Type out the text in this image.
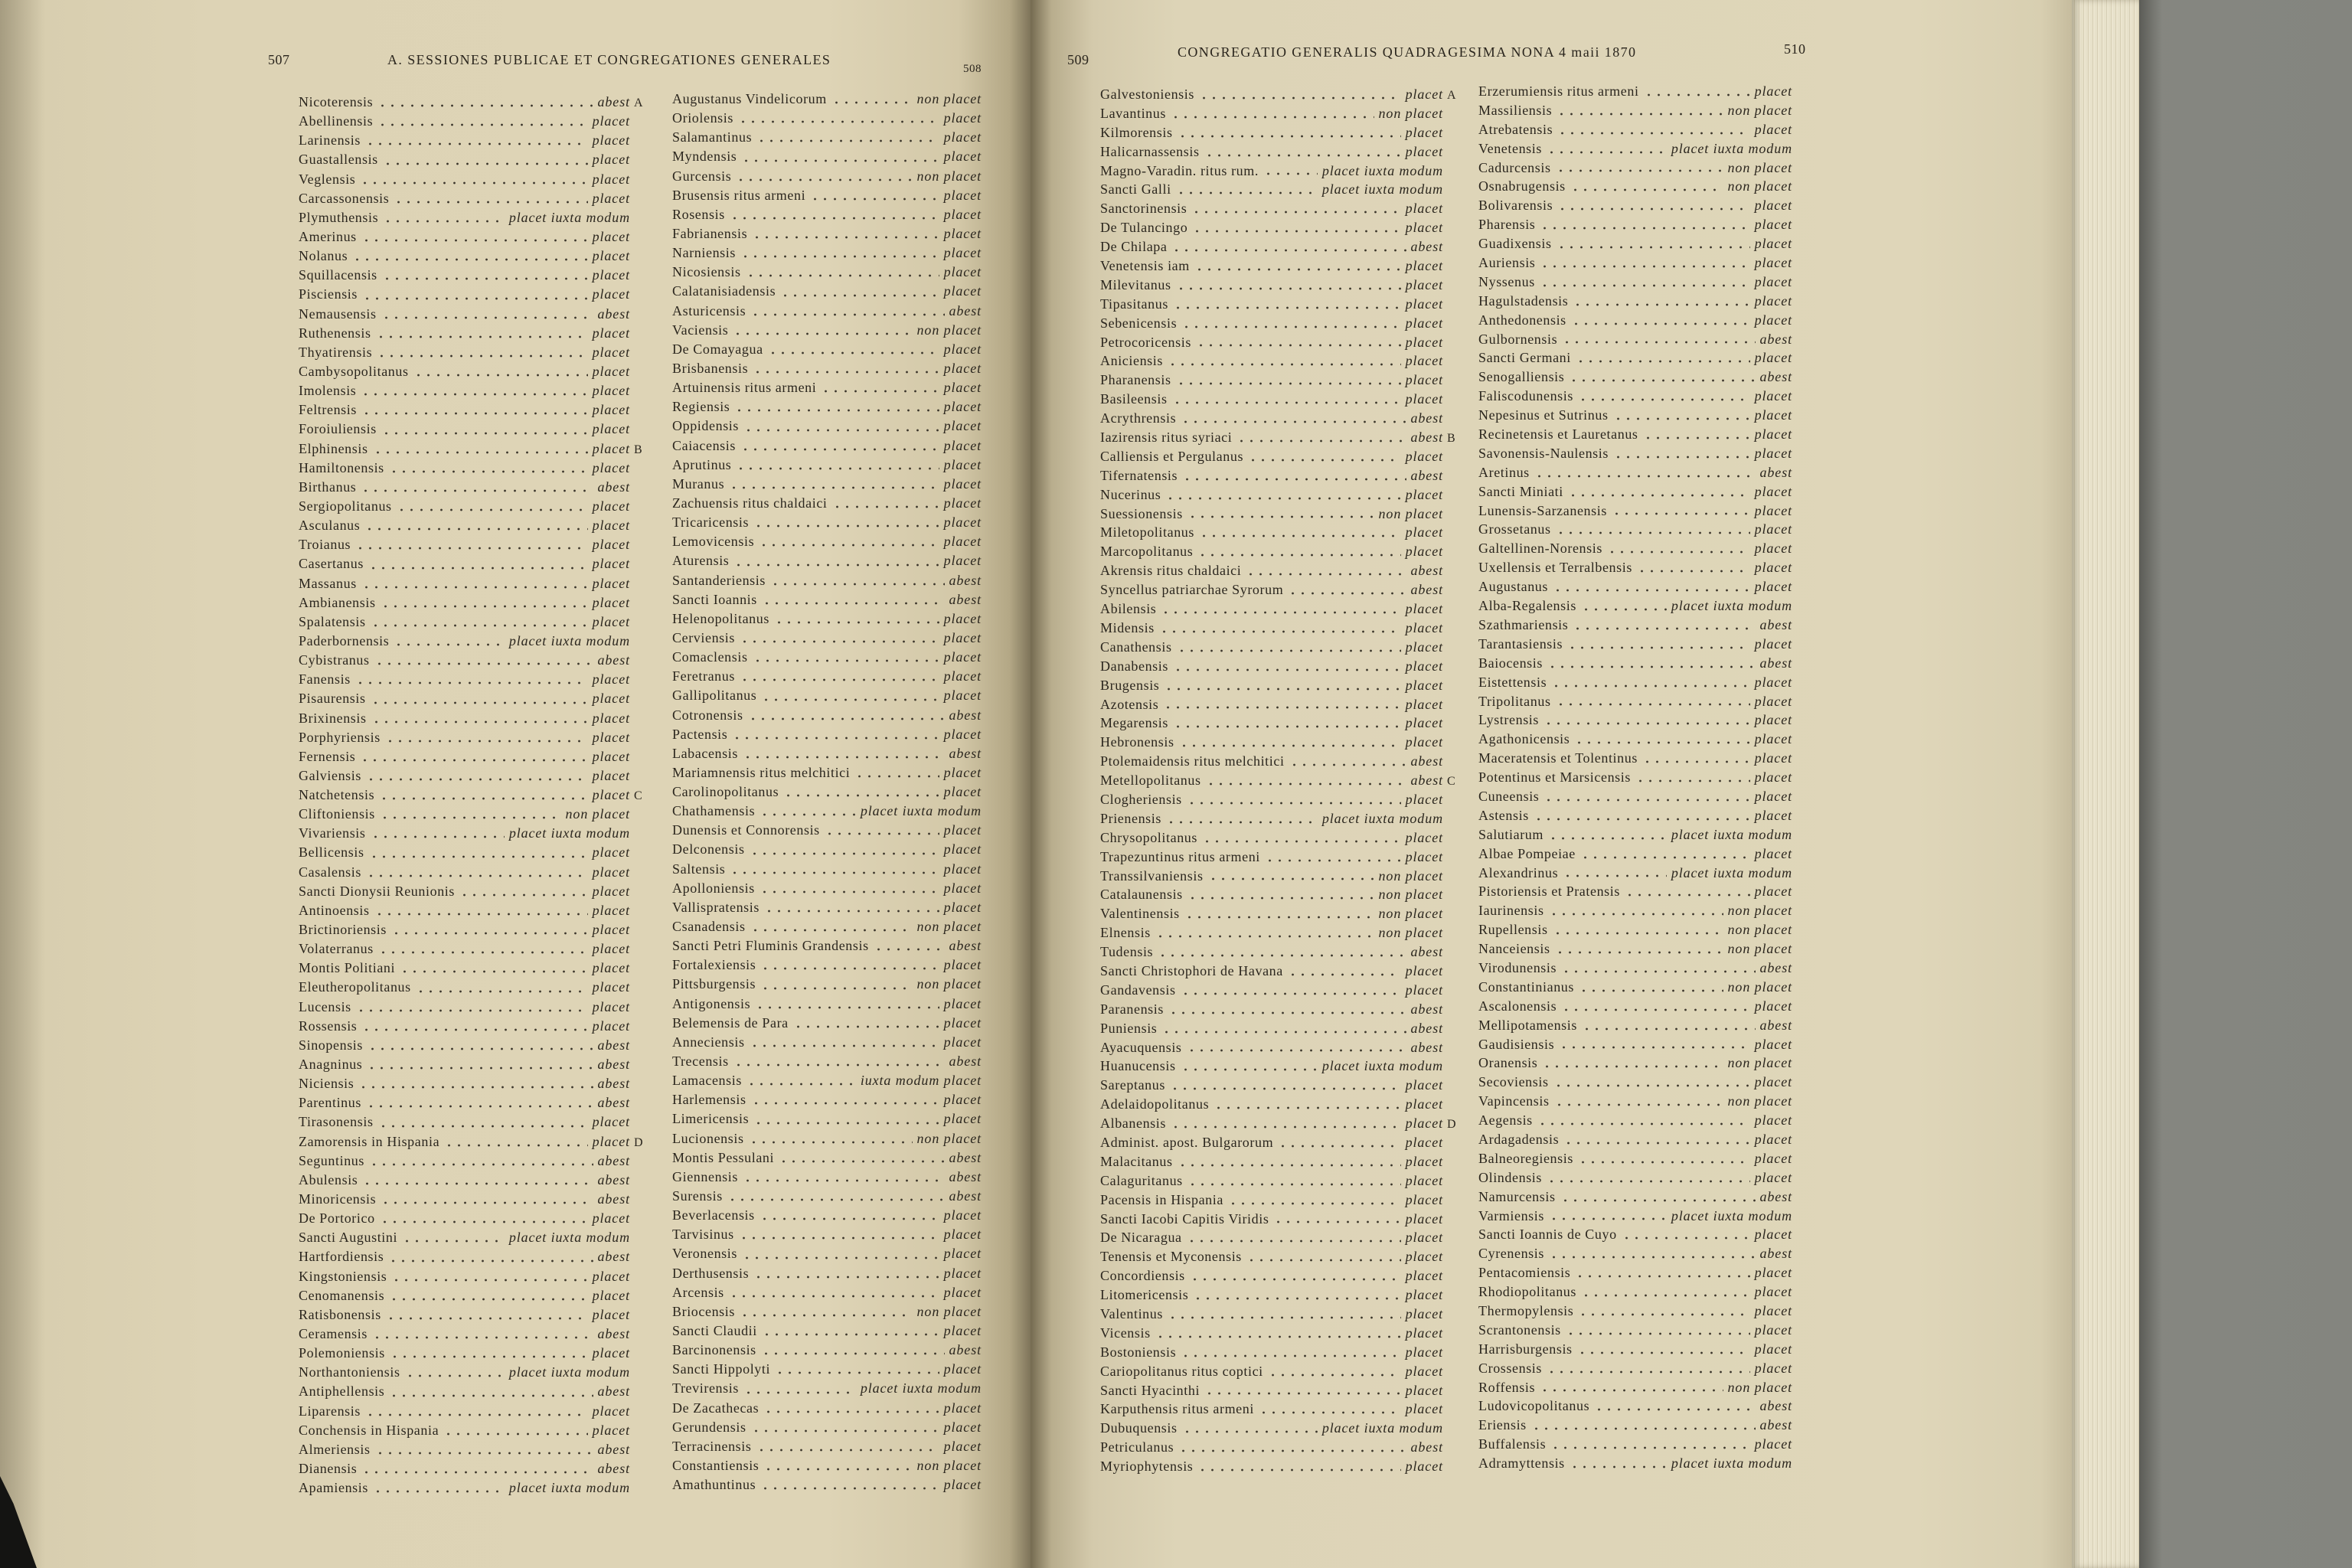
507	A. SESSIONES PUBLICAE ET CONGREGATIONES GENERALES
508
Nicoterensis	abest A
Abellinensis	placet
Larinensis	placet
Guastallensis	placet
Veglensis	placet
Carcassonensis	placet
Plymuthensis	placet iuxta modum
Amerinus	placet
Nolanus	placet
Squillacensis	placet
Pisciensis	placet
Nemausensis	abest
Ruthenensis	placet
Thyatirensis	placet
Cambysopolitanus	placet
Imolensis	placet
Feltrensis	placet
Foroiuliensis	placet
Elphinensis	placet B
Hamiltonensis	placet
Birthanus	abest
Sergiopolitanus	placet
Asculanus	placet
Troianus	placet
Casertanus	placet
Massanus	placet
Ambianensis	placet
Spalatensis	placet
Paderbornensis	placet iuxta modum
Cybistranus	abest
Fanensis	placet
Pisaurensis	placet
Brixinensis	placet
Porphyriensis	placet
Fernensis	placet
Galviensis	placet
Natchetensis	placet C
Cliftoniensis	non placet
Vivariensis	placet iuxta modum
Bellicensis	placet
Casalensis	placet
Sancti Dionysii Reunionis	placet
Antinoensis	placet
Brictinoriensis	placet
Volaterranus	placet
Montis Politiani	placet
Eleutheropolitanus	placet
Lucensis	placet
Rossensis	placet
Sinopensis	abest
Anagninus	abest
Niciensis	abest
Parentinus	abest
Tirasonensis	placet
Zamorensis in Hispania	placet D
Seguntinus	abest
Abulensis	abest
Minoricensis	abest
De Portorico	placet
Sancti Augustini	placet iuxta modum
Hartfordiensis	abest
Kingstoniensis	placet
Cenomanensis	placet
Ratisbonensis	placet
Ceramensis	abest
Polemoniensis	placet
Northantoniensis	placet iuxta modum
Antiphellensis	abest
Liparensis	placet
Conchensis in Hispania	placet
Almeriensis	abest
Dianensis	abest
Apamiensis	placet iuxta modum
Augustanus Vindelicorum	non placet
Oriolensis	placet
Salamantinus	placet
Myndensis	placet
Gurcensis	non placet
Brusensis ritus armeni	placet
Rosensis	placet
Fabrianensis	placet
Narniensis	placet
Nicosiensis	placet
Calatanisiadensis	placet
Asturicensis	abest
Vaciensis	non placet
De Comayagua	placet
Brisbanensis	placet
Artuinensis ritus armeni	placet
Regiensis	placet
Oppidensis	placet
Caiacensis	placet
Aprutinus	placet
Muranus	placet
Zachuensis ritus chaldaici	placet
Tricaricensis	placet
Lemovicensis	placet
Aturensis	placet
Santanderiensis	abest
Sancti Ioannis	abest
Helenopolitanus	placet
Cerviensis	placet
Comaclensis	placet
Feretranus	placet
Gallipolitanus	placet
Cotronensis	abest
Pactensis	placet
Labacensis	abest
Mariamnensis ritus melchitici	placet
Carolinopolitanus	placet
Chathamensis	placet iuxta modum
Dunensis et Connorensis	placet
Delconensis	placet
Saltensis	placet
Apolloniensis	placet
Vallispratensis	placet
Csanadensis	non placet
Sancti Petri Fluminis Grandensis	abest
Fortalexiensis	placet
Pittsburgensis	non placet
Antigonensis	placet
Belemensis de Para	placet
Anneciensis	placet
Trecensis	abest
Lamacensis	iuxta modum placet
Harlemensis	placet
Limericensis	placet
Lucionensis	non placet
Montis Pessulani	abest
Giennensis	abest
Surensis	abest
Beverlacensis	placet
Tarvisinus	placet
Veronensis	placet
Derthusensis	placet
Arcensis	placet
Briocensis	non placet
Sancti Claudii	placet
Barcinonensis	abest
Sancti Hippolyti	placet
Trevirensis	placet iuxta modum
De Zacathecas	placet
Gerundensis	placet
Terracinensis	placet
Constantiensis	non placet
Amathuntinus	placet
509	CONGREGATIO GENERALIS QUADRAGESIMA NONA 4 maii 1870	510
Galvestoniensis	placet A
Lavantinus	non placet
Kilmorensis	placet
Halicarnassensis	placet
Magno-Varadin. ritus rum.	placet iuxta modum
Sancti Galli	placet iuxta modum
Sanctorinensis	placet
De Tulancingo	placet
De Chilapa	abest
Venetensis iam	placet
Milevitanus	placet
Tipasitanus	placet
Sebenicensis	placet
Petrocoricensis	placet
Aniciensis	placet
Pharanensis	placet
Basileensis	placet
Acrythrensis	abest
Iazirensis ritus syriaci	abest B
Calliensis et Pergulanus	placet
Tifernatensis	abest
Nucerinus	placet
Suessionensis	non placet
Miletopolitanus	placet
Marcopolitanus	placet
Akrensis ritus chaldaici	abest
Syncellus patriarchae Syrorum	abest
Abilensis	placet
Midensis	placet
Canathensis	placet
Danabensis	placet
Brugensis	placet
Azotensis	placet
Megarensis	placet
Hebronensis	placet
Ptolemaidensis ritus melchitici	abest
Metellopolitanus	abest C
Clogheriensis	placet
Prienensis	placet iuxta modum
Chrysopolitanus	placet
Trapezuntinus ritus armeni	placet
Transsilvaniensis	non placet
Catalaunensis	non placet
Valentinensis	non placet
Elnensis	non placet
Tudensis	abest
Sancti Christophori de Havana	placet
Gandavensis	placet
Paranensis	abest
Puniensis	abest
Ayacuquensis	abest
Huanucensis	placet iuxta modum
Sareptanus	placet
Adelaidopolitanus	placet
Albanensis	placet D
Administ. apost. Bulgarorum	placet
Malacitanus	placet
Calaguritanus	placet
Pacensis in Hispania	placet
Sancti Iacobi Capitis Viridis	placet
De Nicaragua	placet
Tenensis et Myconensis	placet
Concordiensis	placet
Litomericensis	placet
Valentinus	placet
Vicensis	placet
Bostoniensis	placet
Cariopolitanus ritus coptici	placet
Sancti Hyacinthi	placet
Karputhensis ritus armeni	placet
Dubuquensis	placet iuxta modum
Petriculanus	abest
Myriophytensis	placet
Erzerumiensis ritus armeni	placet
Massiliensis	non placet
Atrebatensis	placet
Venetensis	placet iuxta modum
Cadurcensis	non placet
Osnabrugensis	non placet
Bolivarensis	placet
Pharensis	placet
Guadixensis	placet
Auriensis	placet
Nyssenus	placet
Hagulstadensis	placet
Anthedonensis	placet
Gulbornensis	abest
Sancti Germani	placet
Senogalliensis	abest
Faliscodunensis	placet
Nepesinus et Sutrinus	placet
Recinetensis et Lauretanus	placet
Savonensis-Naulensis	placet
Aretinus	abest
Sancti Miniati	placet
Lunensis-Sarzanensis	placet
Grossetanus	placet
Galtellinen-Norensis	placet
Uxellensis et Terralbensis	placet
Augustanus	placet
Alba-Regalensis	placet iuxta modum
Szathmariensis	abest
Tarantasiensis	placet
Baiocensis	abest
Eistettensis	placet
Tripolitanus	placet
Lystrensis	placet
Agathonicensis	placet
Maceratensis et Tolentinus	placet
Potentinus et Marsicensis	placet
Cuneensis	placet
Astensis	placet
Salutiarum	placet iuxta modum
Albae Pompeiae	placet
Alexandrinus	placet iuxta modum
Pistoriensis et Pratensis	placet
Iaurinensis	non placet
Rupellensis	non placet
Nanceiensis	non placet
Virodunensis	abest
Constantinianus	non placet
Ascalonensis	placet
Mellipotamensis	abest
Gaudisiensis	placet
Oranensis	non placet
Secoviensis	placet
Vapincensis	non placet
Aegensis	placet
Ardagadensis	placet
Balneoregiensis	placet
Olindensis	placet
Namurcensis	abest
Varmiensis	placet iuxta modum
Sancti Ioannis de Cuyo	placet
Cyrenensis	abest
Pentacomiensis	placet
Rhodiopolitanus	placet
Thermopylensis	placet
Scrantonensis	placet
Harrisburgensis	placet
Crossensis	placet
Roffensis	non placet
Ludovicopolitanus	abest
Eriensis	abest
Buffalensis	placet
Adramyttensis	placet iuxta modum
